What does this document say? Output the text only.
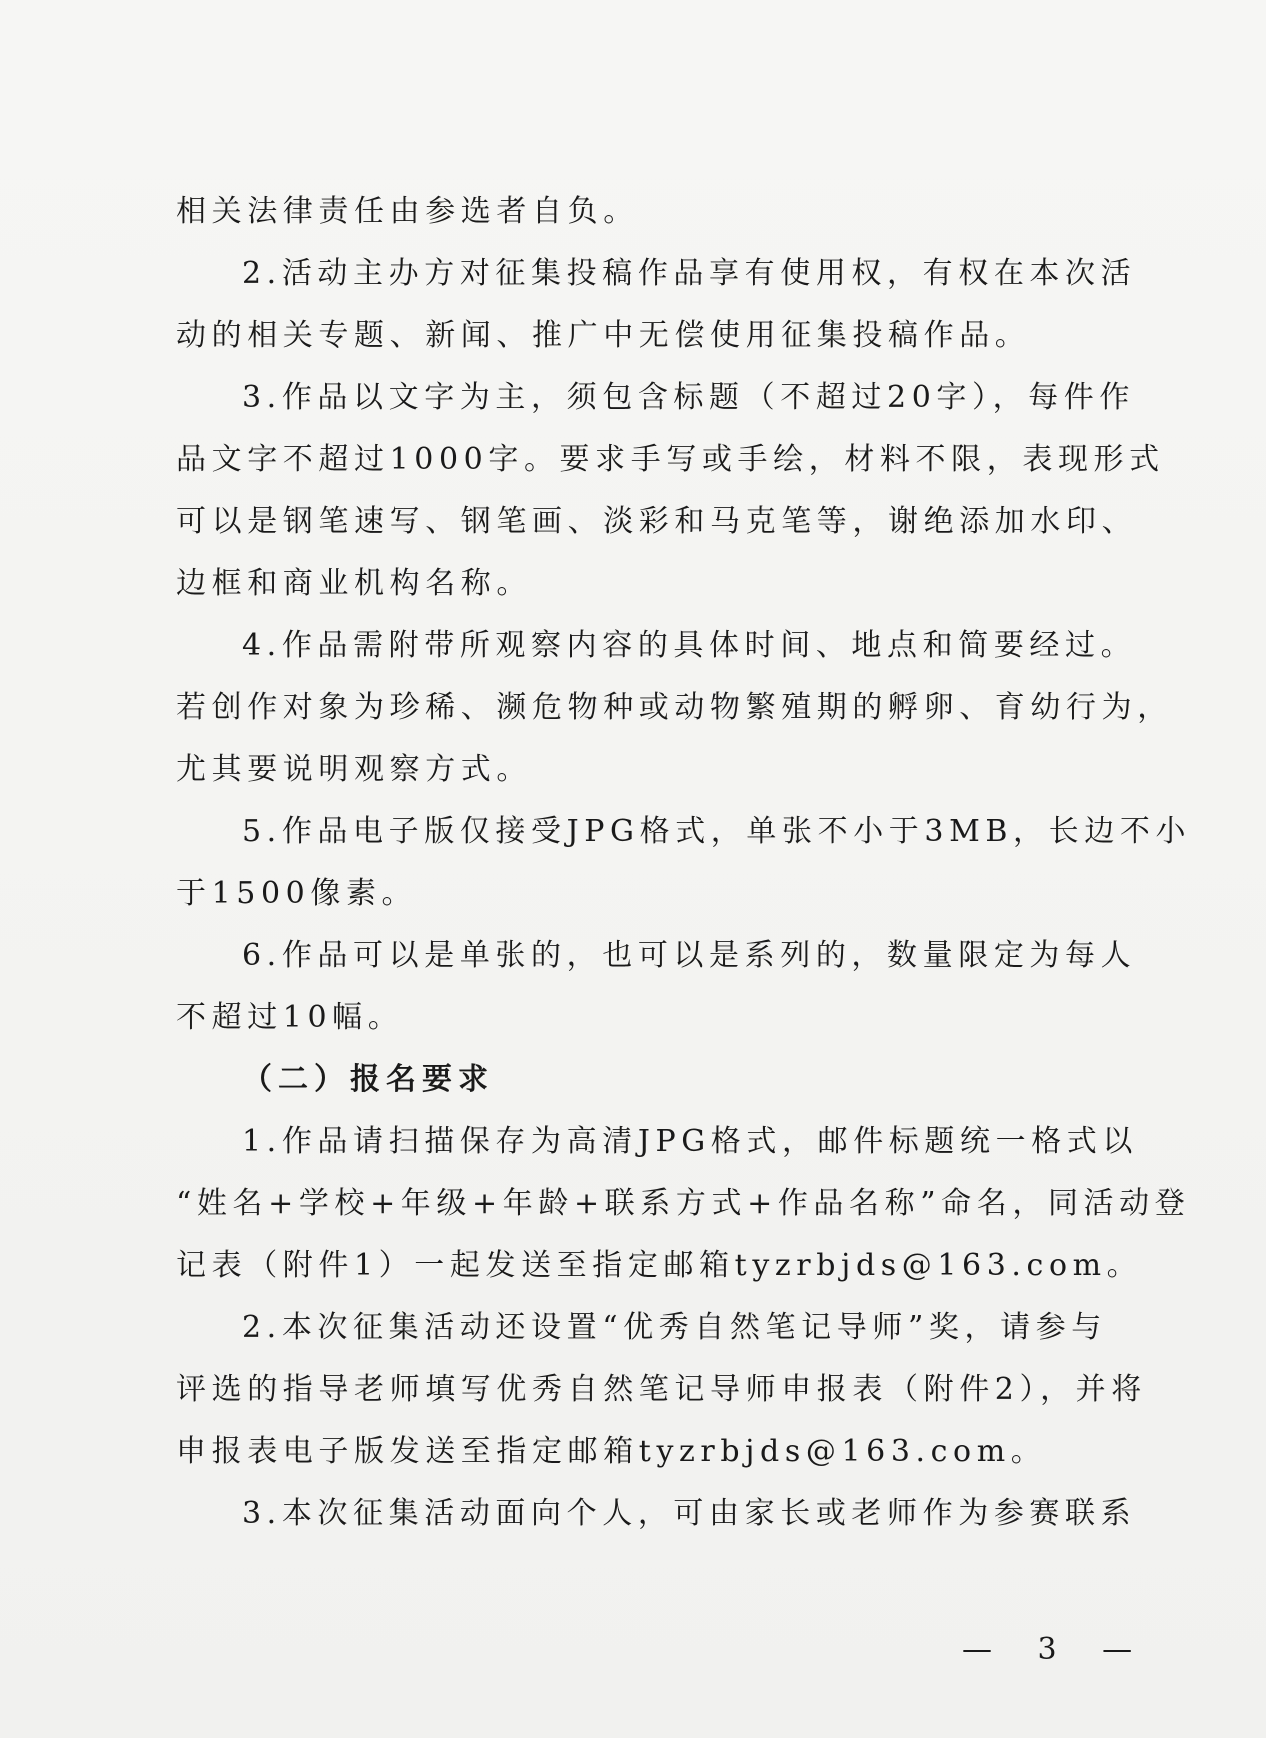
相关法律责任由参选者自负。
2.活动主办方对征集投稿作品享有使用权，有权在本次活
动的相关专题、新闻、推广中无偿使用征集投稿作品。
3.作品以文字为主，须包含标题（不超过20字），每件作
品文字不超过1000字。要求手写或手绘，材料不限，表现形式
可以是钢笔速写、钢笔画、淡彩和马克笔等，谢绝添加水印、
边框和商业机构名称。
4.作品需附带所观察内容的具体时间、地点和简要经过。
若创作对象为珍稀、濒危物种或动物繁殖期的孵卵、育幼行为，
尤其要说明观察方式。
5.作品电子版仅接受JPG格式，单张不小于3MB，长边不小
于1500像素。
6.作品可以是单张的，也可以是系列的，数量限定为每人
不超过10幅。
（二）报名要求
1.作品请扫描保存为高清JPG格式，邮件标题统一格式以
“姓名+学校+年级+年龄+联系方式+作品名称”命名，同活动登
记表（附件1）一起发送至指定邮箱tyzrbjds@163.com。
2.本次征集活动还设置“优秀自然笔记导师”奖，请参与
评选的指导老师填写优秀自然笔记导师申报表（附件2），并将
申报表电子版发送至指定邮箱tyzrbjds@163.com。
3.本次征集活动面向个人，可由家长或老师作为参赛联系
— 3 —
